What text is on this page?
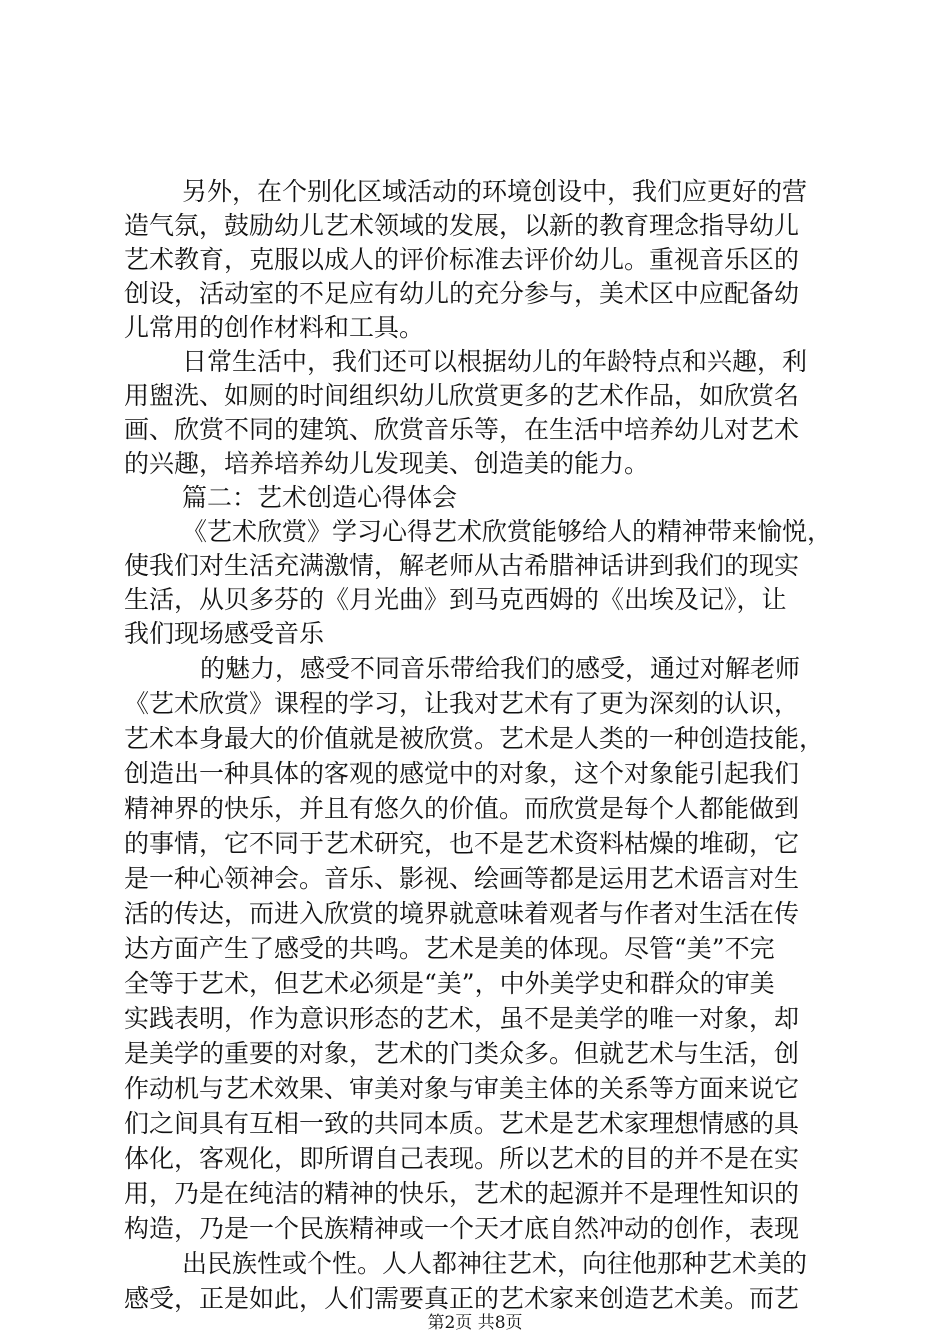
另外，在个别化区域活动的环境创设中，我们应更好的营

造气氛，鼓励幼儿艺术领域的发展，以新的教育理念指导幼儿

艺术教育，克服以成人的评价标准去评价幼儿。重视音乐区的

创设，活动室的不足应有幼儿的充分参与，美术区中应配备幼

儿常用的创作材料和工具。

日常生活中，我们还可以根据幼儿的年龄特点和兴趣，利

用盥洗、如厕的时间组织幼儿欣赏更多的艺术作品，如欣赏名

画、欣赏不同的建筑、欣赏音乐等，在生活中培养幼儿对艺术

的兴趣，培养培养幼儿发现美、创造美的能力。

篇二：艺术创造心得体会

《艺术欣赏》学习心得艺术欣赏能够给人的精神带来愉悦，

使我们对生活充满激情，解老师从古希腊神话讲到我们的现实

生活，从贝多芬的《月光曲》到马克西姆的《出埃及记》，让

我们现场感受音乐

的魅力，感受不同音乐带给我们的感受，通过对解老师

《艺术欣赏》课程的学习，让我对艺术有了更为深刻的认识，

艺术本身最大的价值就是被欣赏。艺术是人类的一种创造技能，

创造出一种具体的客观的感觉中的对象，这个对象能引起我们

精神界的快乐，并且有悠久的价值。而欣赏是每个人都能做到

的事情，它不同于艺术研究，也不是艺术资料枯燥的堆砌，它

是一种心领神会。音乐、影视、绘画等都是运用艺术语言对生

活的传达，而进入欣赏的境界就意味着观者与作者对生活在传

达方面产生了感受的共鸣。艺术是美的体现。尽管“美”不完

全等于艺术，但艺术必须是“美”，中外美学史和群众的审美

实践表明，作为意识形态的艺术，虽不是美学的唯一对象，却

是美学的重要的对象，艺术的门类众多。但就艺术与生活，创

作动机与艺术效果、审美对象与审美主体的关系等方面来说它

们之间具有互相一致的共同本质。艺术是艺术家理想情感的具

体化，客观化，即所谓自己表现。所以艺术的目的并不是在实

用，乃是在纯洁的精神的快乐，艺术的起源并不是理性知识的

构造，乃是一个民族精神或一个天才底自然冲动的创作，表现

出民族性或个性。人人都神往艺术，向往他那种艺术美的

感受，正是如此，人们需要真正的艺术家来创造艺术美。而艺

第2页 共8页
